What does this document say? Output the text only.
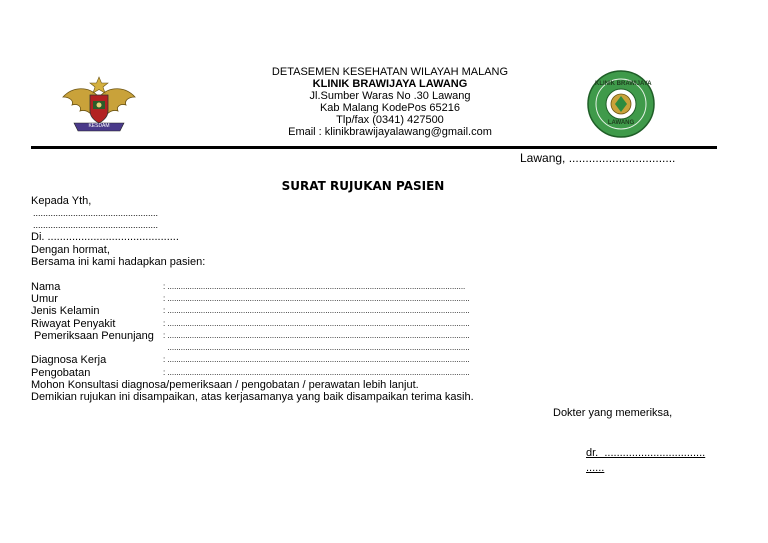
KESDAM
DETASEMEN KESEHATAN WILAYAH MALANG
KLINIK BRAWIJAYA LAWANG
Jl.Sumber Waras No .30 Lawang
Kab Malang KodePos 65216
Tlp/fax (0341) 427500
Email : klinikbrawijayalawang@gmail.com
KLINIK BRAWIJAYA
LAWANG
Lawang, ................................
SURAT RUJUKAN PASIEN
Kepada Yth,
..................................................
..................................................
Di. ...........................................
Dengan hormat,
Bersama ini kami hadapkan pasien:
Nama	: ......................................................................................................................................
Umur	: ........................................................................................................................................
Jenis Kelamin	: ........................................................................................................................................
Riwayat Penyakit	: ........................................................................................................................................
Pemeriksaan Penunjang : ........................................................................................................................................
........................................................................................................................................
Diagnosa Kerja	: ........................................................................................................................................
Pengobatan	: ........................................................................................................................................
Mohon Konsultasi diagnosa/pemeriksaan / pengobatan / perawatan lebih lanjut.
Demikian rujukan ini disampaikan, atas kerjasamanya yang baik disampaikan terima kasih.
Dokter yang memeriksa,
dr.  .................................
......
